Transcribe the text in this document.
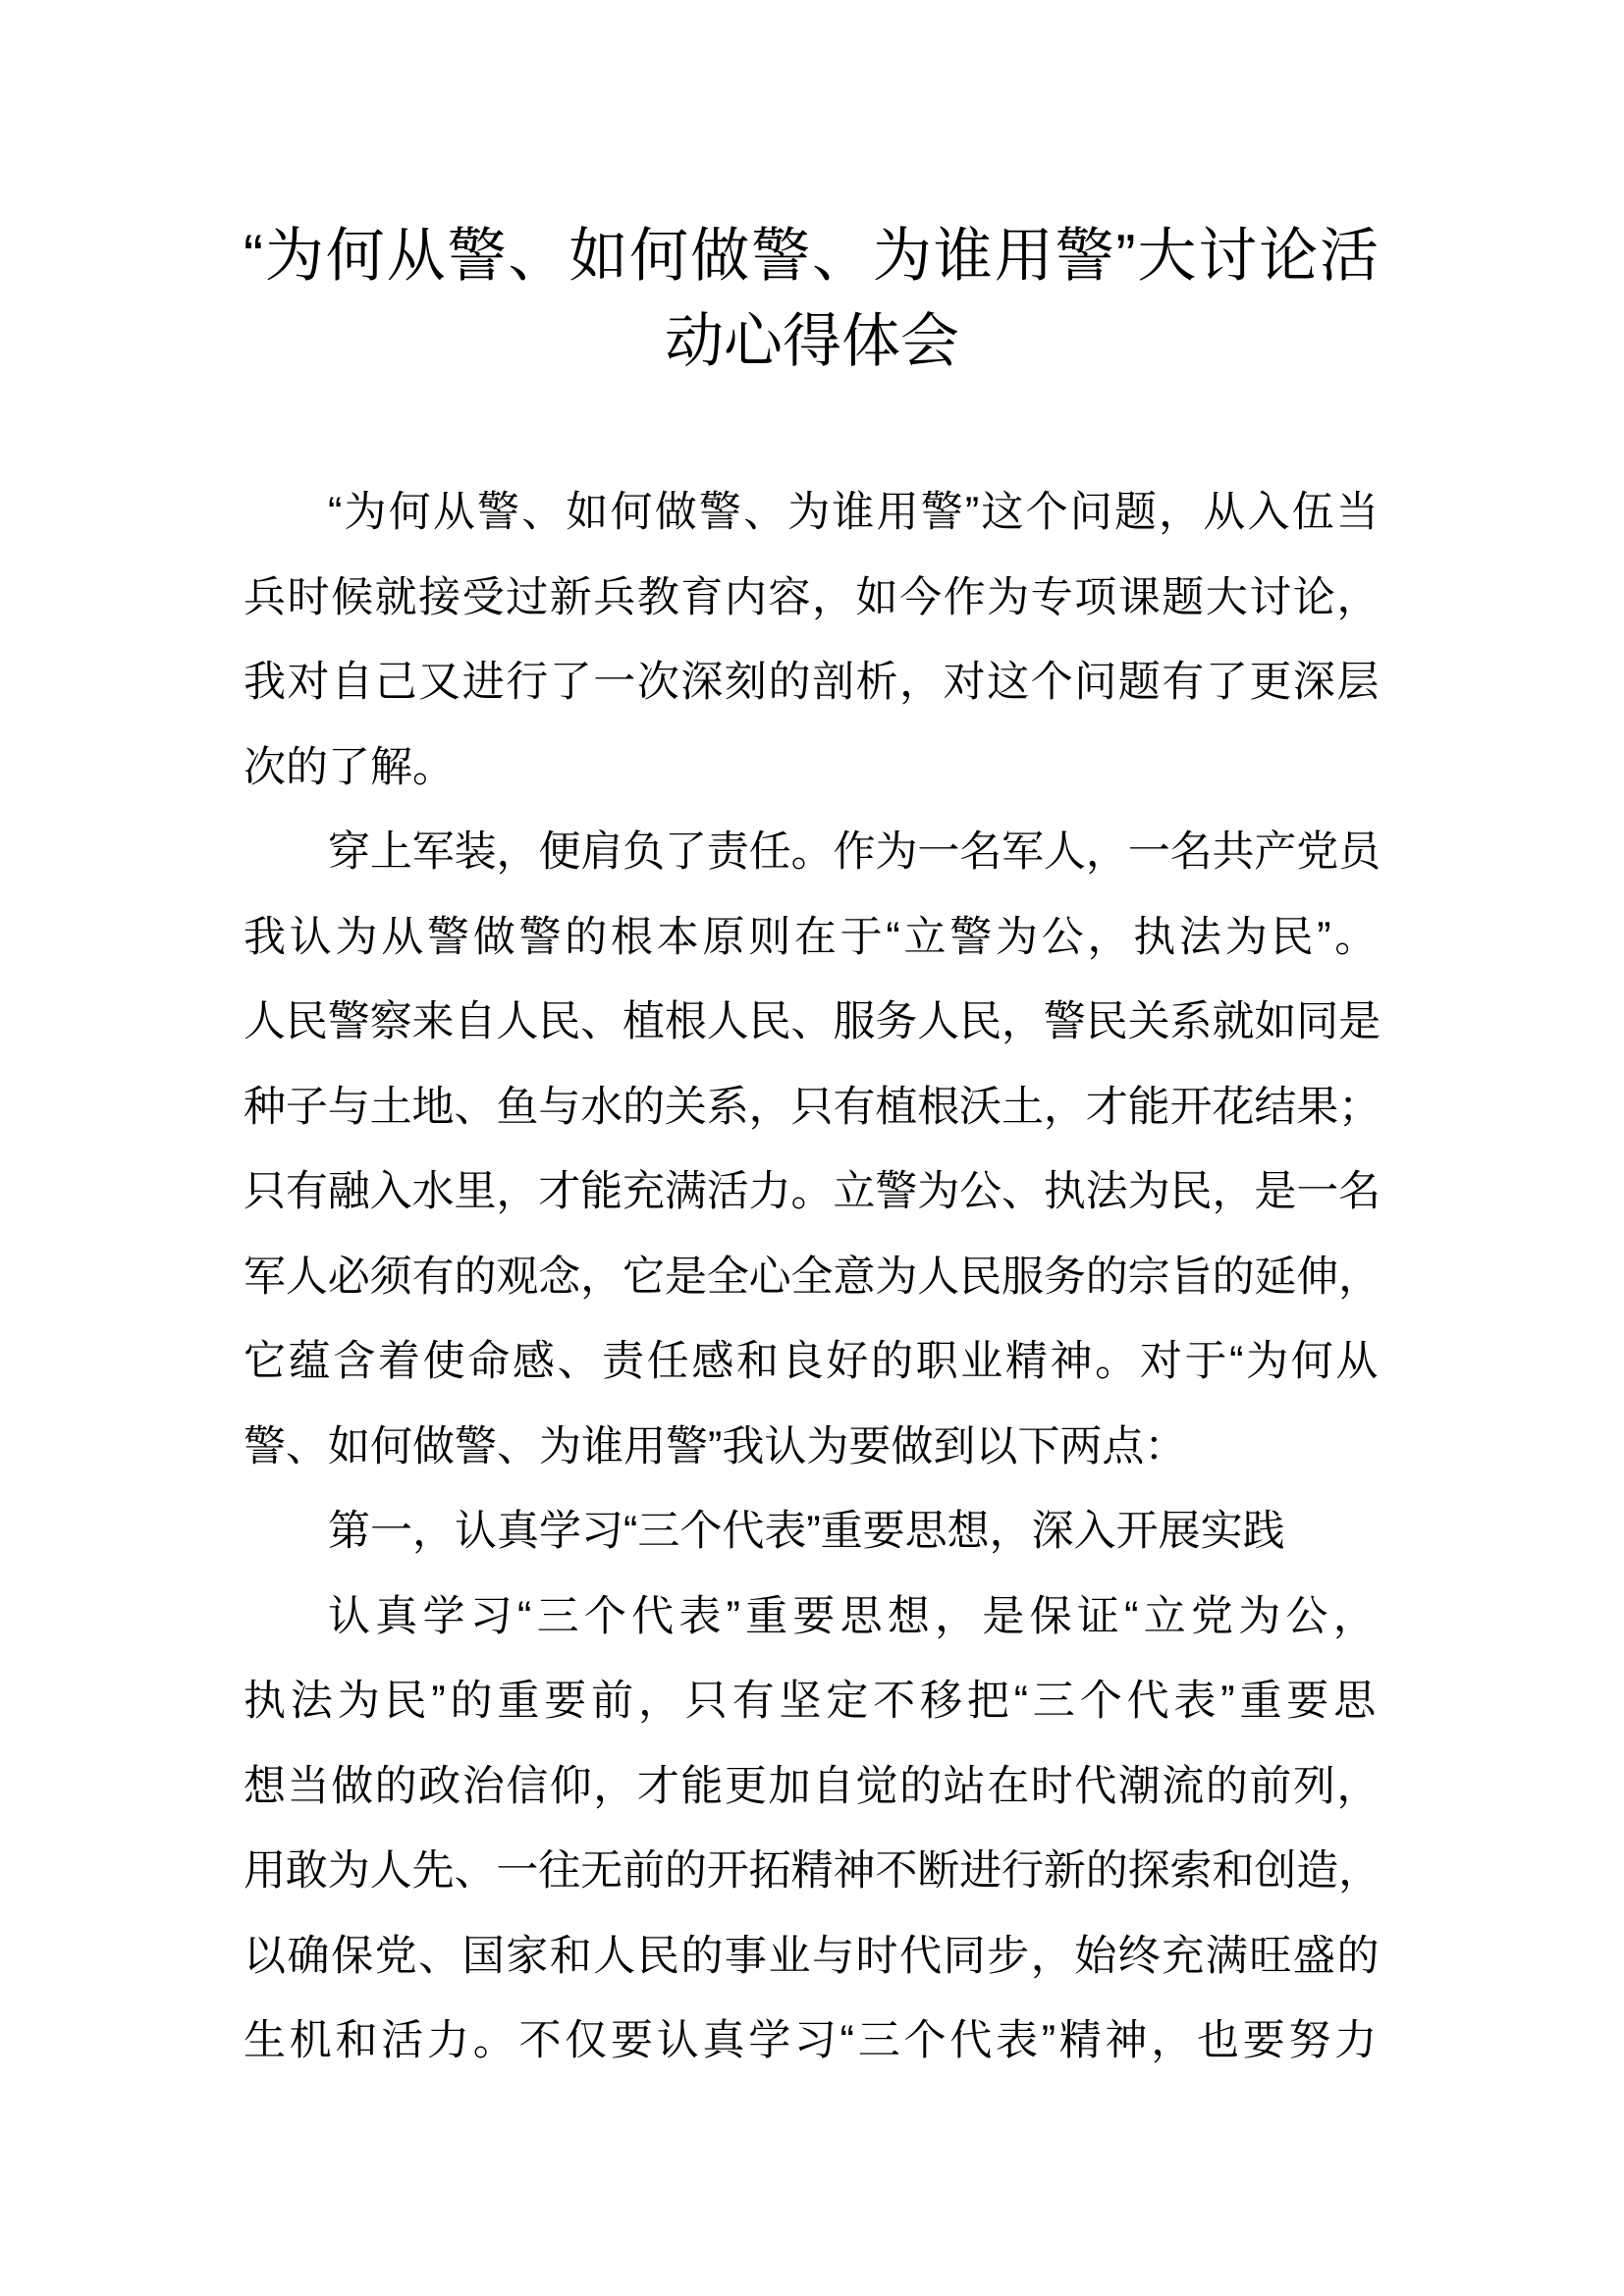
“为何从警、如何做警、为谁用警”大讨论活
动心得体会
“为何从警、如何做警、为谁用警”这个问题，从入伍当
兵时候就接受过新兵教育内容，如今作为专项课题大讨论，
我对自己又进行了一次深刻的剖析，对这个问题有了更深层
次的了解。
穿上军装，便肩负了责任。作为一名军人，一名共产党员
我认为从警做警的根本原则在于“立警为公，执法为民”。
人民警察来自人民、植根人民、服务人民，警民关系就如同是
种子与土地、鱼与水的关系，只有植根沃土，才能开花结果；
只有融入水里，才能充满活力。立警为公、执法为民，是一名
军人必须有的观念，它是全心全意为人民服务的宗旨的延伸，
它蕴含着使命感、责任感和良好的职业精神。对于“为何从
警、如何做警、为谁用警”我认为要做到以下两点：
第一，认真学习“三个代表”重要思想，深入开展实践
认真学习“三个代表”重要思想，是保证“立党为公，
执法为民”的重要前，只有坚定不移把“三个代表”重要思
想当做的政治信仰，才能更加自觉的站在时代潮流的前列，
用敢为人先、一往无前的开拓精神不断进行新的探索和创造，
以确保党、国家和人民的事业与时代同步，始终充满旺盛的
生机和活力。不仅要认真学习“三个代表”精神，也要努力
